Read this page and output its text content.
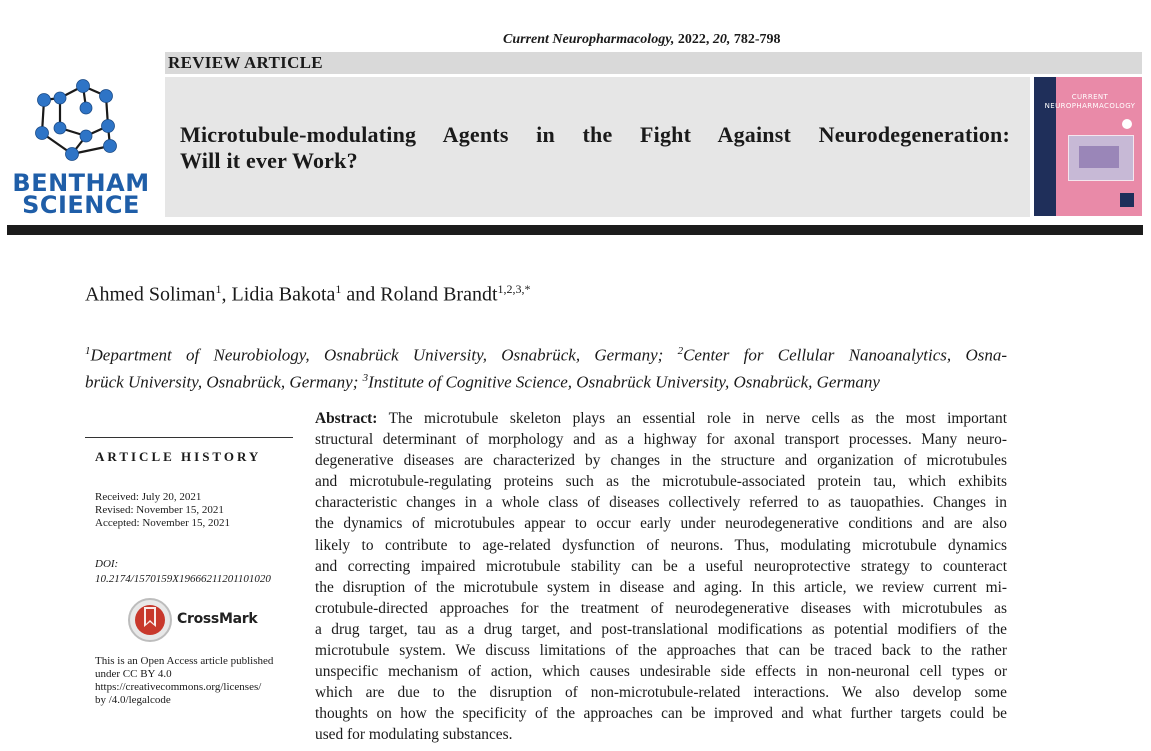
Current Neuropharmacology, 2022, 20, 782-798
REVIEW ARTICLE
Microtubule-modulating Agents in the Fight Against Neurodegeneration:
Will it ever Work?
CURRENT
NEUROPHARMACOLOGY
BENTHAM
SCIENCE
Ahmed Soliman$^1$, Lidia Bakota$^1$ and Roland Brandt$^{1,2,3,*}$
$^1$Department of Neurobiology, Osnabrück University, Osnabrück, Germany; $^2$Center for Cellular Nanoanalytics, Osna-
brück University, Osnabrück, Germany; $^3$Institute of Cognitive Science, Osnabrück University, Osnabrück, Germany
ARTICLE HISTORY
Received: July 20, 2021
Revised: November 15, 2021
Accepted: November 15, 2021
DOI:
10.2174/1570159X19666211201101020
CrossMark
This is an Open Access article published
under CC BY 4.0
https://creativecommons.org/licenses/
by /4.0/legalcode
Abstract: The microtubule skeleton plays an essential role in nerve cells as the most important
structural determinant of morphology and as a highway for axonal transport processes. Many neuro-
degenerative diseases are characterized by changes in the structure and organization of microtubules
and microtubule-regulating proteins such as the microtubule-associated protein tau, which exhibits
characteristic changes in a whole class of diseases collectively referred to as tauopathies. Changes in
the dynamics of microtubules appear to occur early under neurodegenerative conditions and are also
likely to contribute to age-related dysfunction of neurons. Thus, modulating microtubule dynamics
and correcting impaired microtubule stability can be a useful neuroprotective strategy to counteract
the disruption of the microtubule system in disease and aging. In this article, we review current mi-
crotubule-directed approaches for the treatment of neurodegenerative diseases with microtubules as
a drug target, tau as a drug target, and post-translational modifications as potential modifiers of the
microtubule system. We discuss limitations of the approaches that can be traced back to the rather
unspecific mechanism of action, which causes undesirable side effects in non-neuronal cell types or
which are due to the disruption of non-microtubule-related interactions. We also develop some
thoughts on how the specificity of the approaches can be improved and what further targets could be
used for modulating substances.
